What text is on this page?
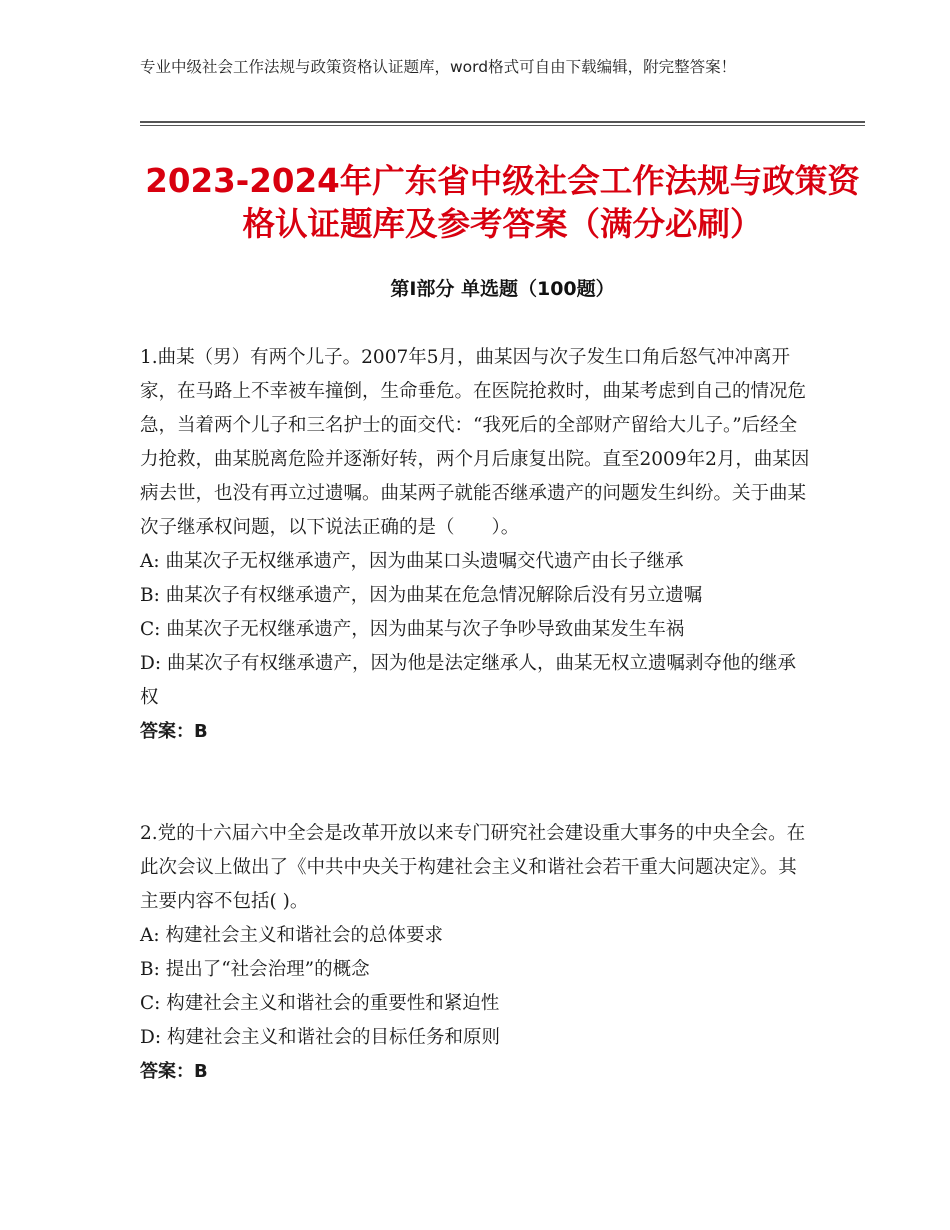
专业中级社会工作法规与政策资格认证题库，word格式可自由下载编辑，附完整答案！
2023-2024年广东省中级社会工作法规与政策资格认证题库及参考答案（满分必刷）
第Ⅰ部分 单选题（100题）

1.曲某（男）有两个儿子。2007年5月，曲某因与次子发生口角后怒气冲冲离开家，在马路上不幸被车撞倒，生命垂危。在医院抢救时，曲某考虑到自己的情况危急，当着两个儿子和三名护士的面交代：“我死后的全部财产留给大儿子。”后经全力抢救，曲某脱离危险并逐渐好转，两个月后康复出院。直至2009年2月，曲某因病去世，也没有再立过遗嘱。曲某两子就能否继承遗产的问题发生纠纷。关于曲某次子继承权问题，以下说法正确的是（　　）。

A: 曲某次子无权继承遗产，因为曲某口头遗嘱交代遗产由长子继承

B: 曲某次子有权继承遗产，因为曲某在危急情况解除后没有另立遗嘱

C: 曲某次子无权继承遗产，因为曲某与次子争吵导致曲某发生车祸

D: 曲某次子有权继承遗产，因为他是法定继承人，曲某无权立遗嘱剥夺他的继承权

答案：B

2.党的十六届六中全会是改革开放以来专门研究社会建设重大事务的中央全会。在此次会议上做出了《中共中央关于构建社会主义和谐社会若干重大问题决定》。其主要内容不包括( )。

A: 构建社会主义和谐社会的总体要求

B: 提出了“社会治理”的概念

C: 构建社会主义和谐社会的重要性和紧迫性

D: 构建社会主义和谐社会的目标任务和原则

答案：B
